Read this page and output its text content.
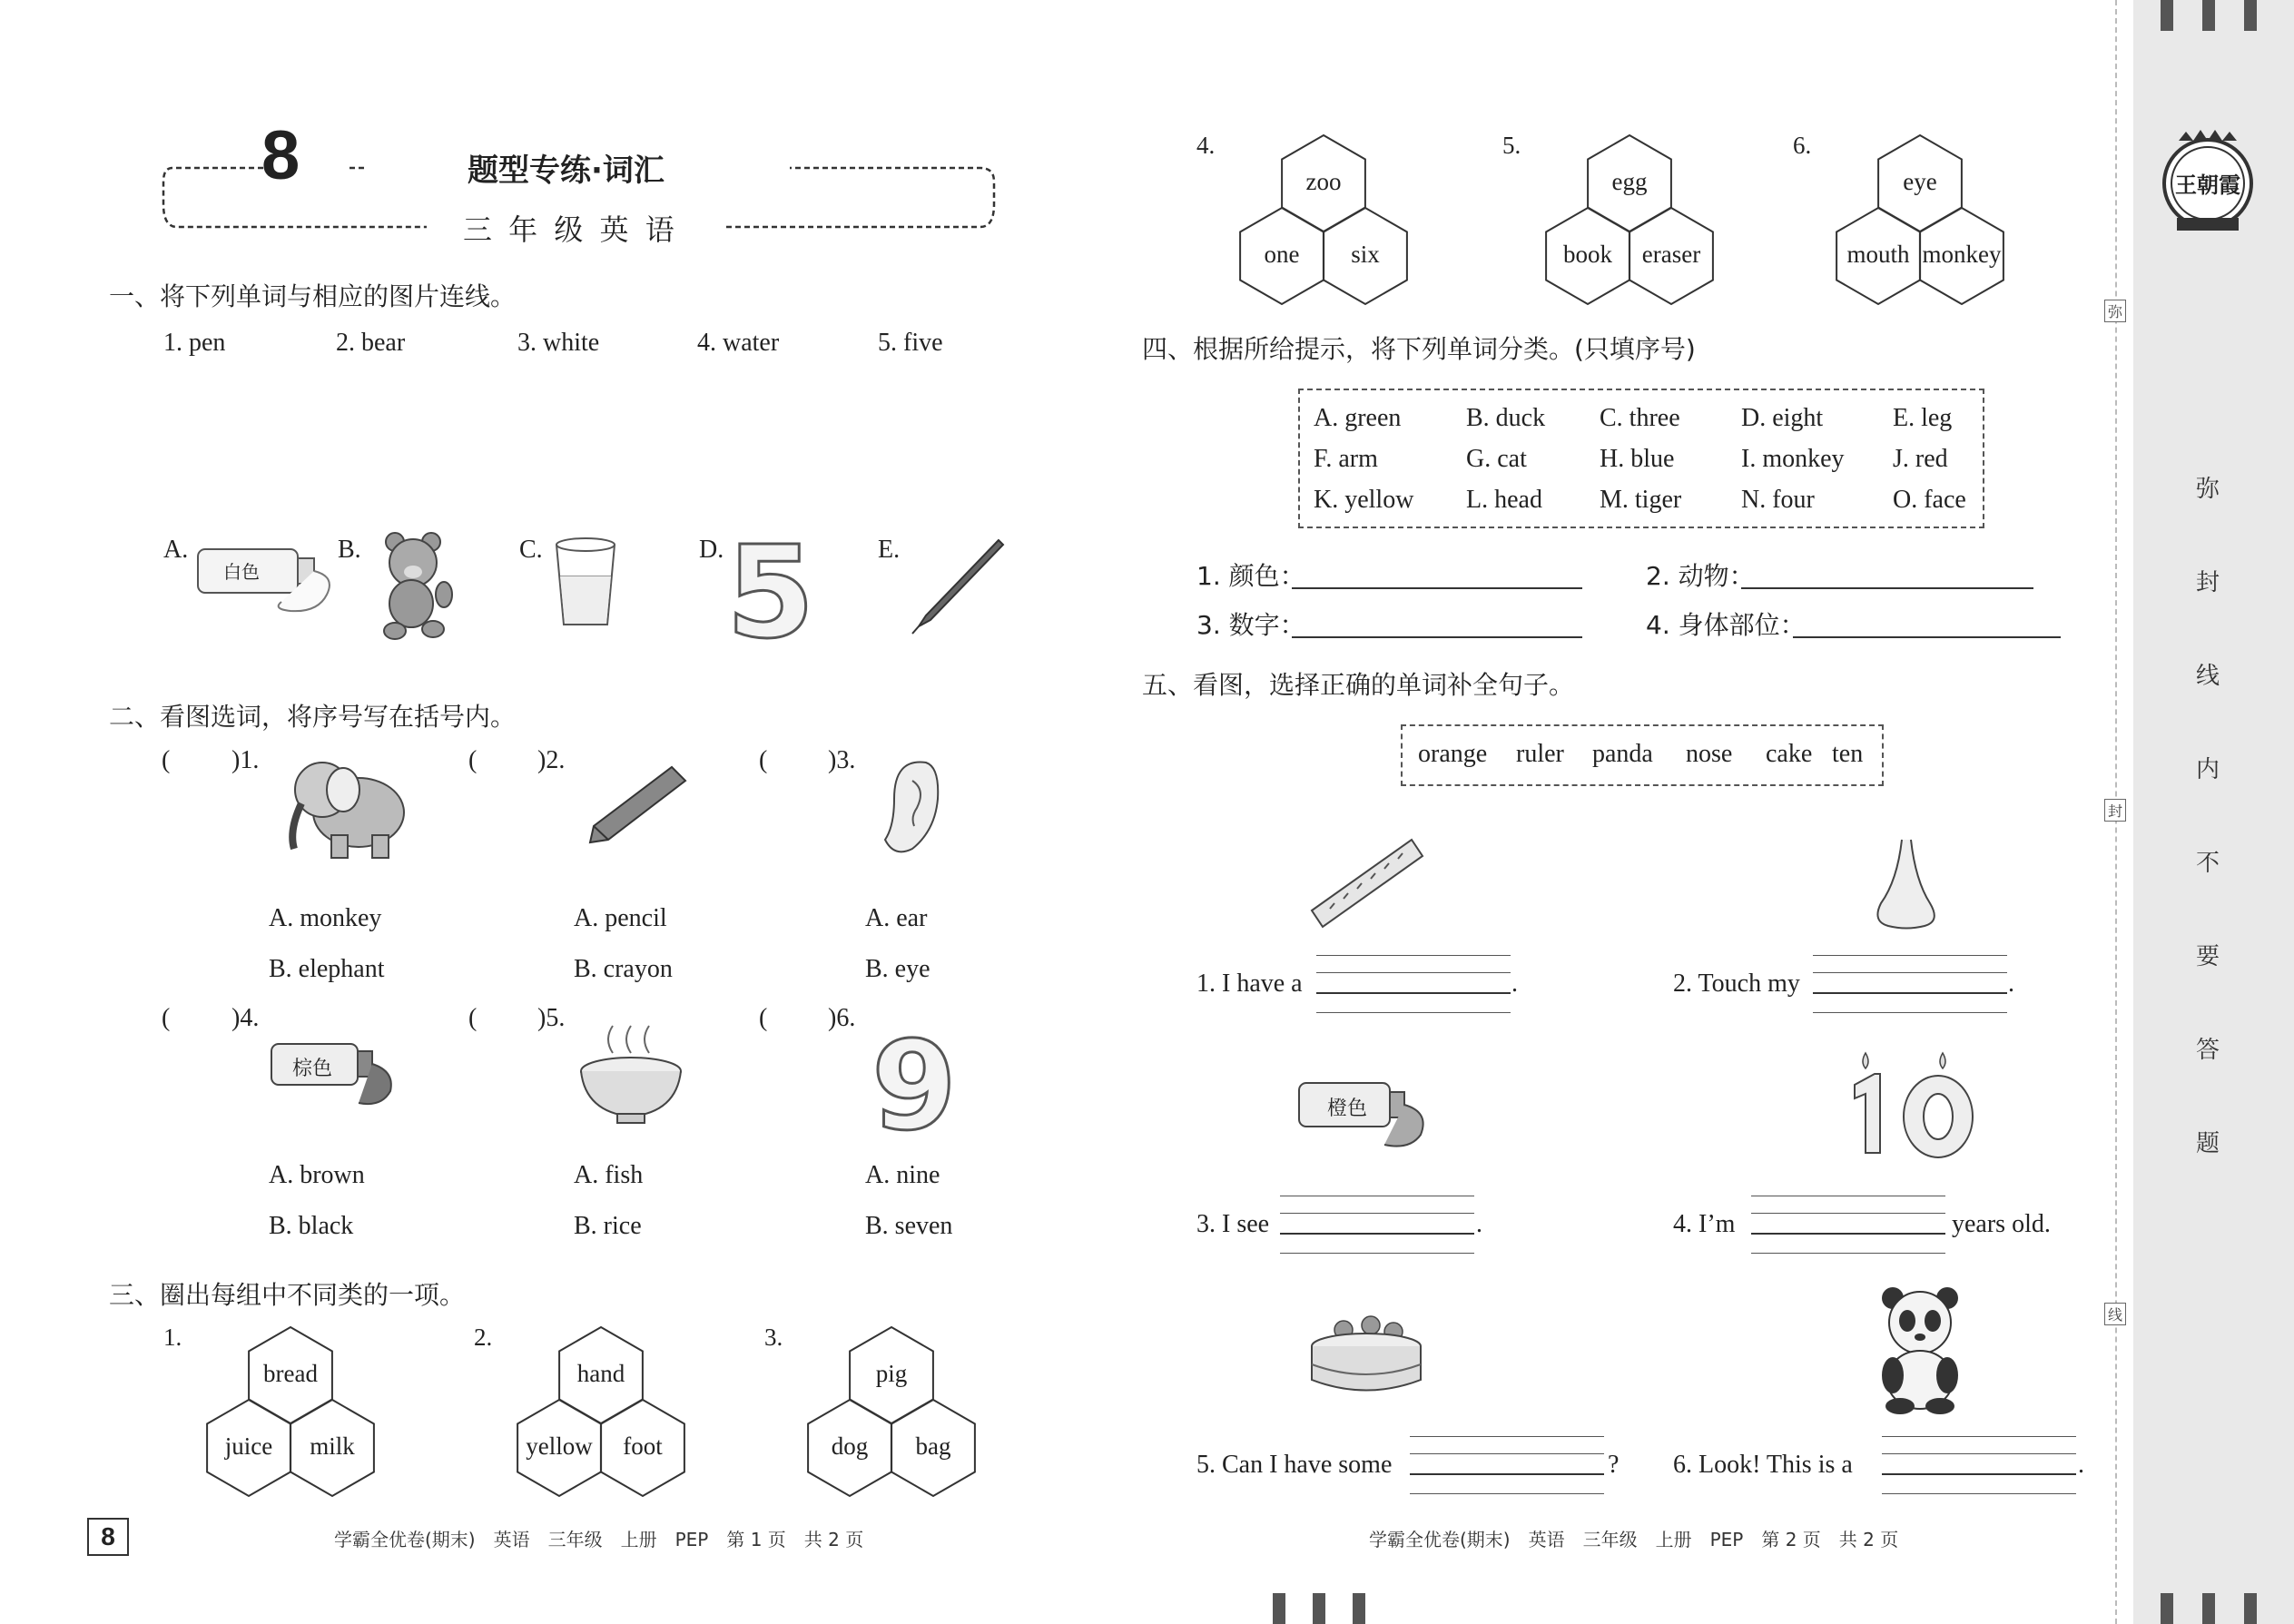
8	题型专练·词汇
三 年 级 英 语
一、将下列单词与相应的图片连线。
1. pen	2. bear	3. white	4. water	5. five
A.	B.	C.	D.	E.
白色	5
二、看图选词，将序号写在括号内。
( )1.	( )2.	( )3.
A. monkey
B. elephant
A. pencil
B. crayon
A. ear
B. eye
( )4.	( )5.	( )6.
棕色	9
A. brown
B. black
A. fish
B. rice
A. nine
B. seven
三、圈出每组中不同类的一项。
1.
bread
juice	milk
2.
hand
yellow	foot
3.
pig
dog	bag
4.
zoo
one	six
5.
egg
book	eraser
6.
eye
mouth monkey
四、根据所给提示，将下列单词分类。(只填序号)
A. green	B. duck C. three D. eight	E. leg
F. arm	G. cat	H. blue	I. monkey J. red
K. yellow L. head M. tiger N. four	O. face
1. 颜色：	2. 动物：
3. 数字：	4. 身体部位：
五、看图，选择正确的单词补全句子。
orange ruler panda nose cake ten
橙色
1. I have a	.	2. Touch my	.
3. I see	.	4. I’m	years old.
5. Can I have some	? 6. Look! This is a	.
8	学霸全优卷(期末)　英语　三年级　上册　PEP　第 1 页　共 2 页	学霸全优卷(期末)　英语　三年级　上册　PEP　第 2 页　共 2 页
王朝霞
弥
封
线
弥
封
线
内
不
要
答
题
